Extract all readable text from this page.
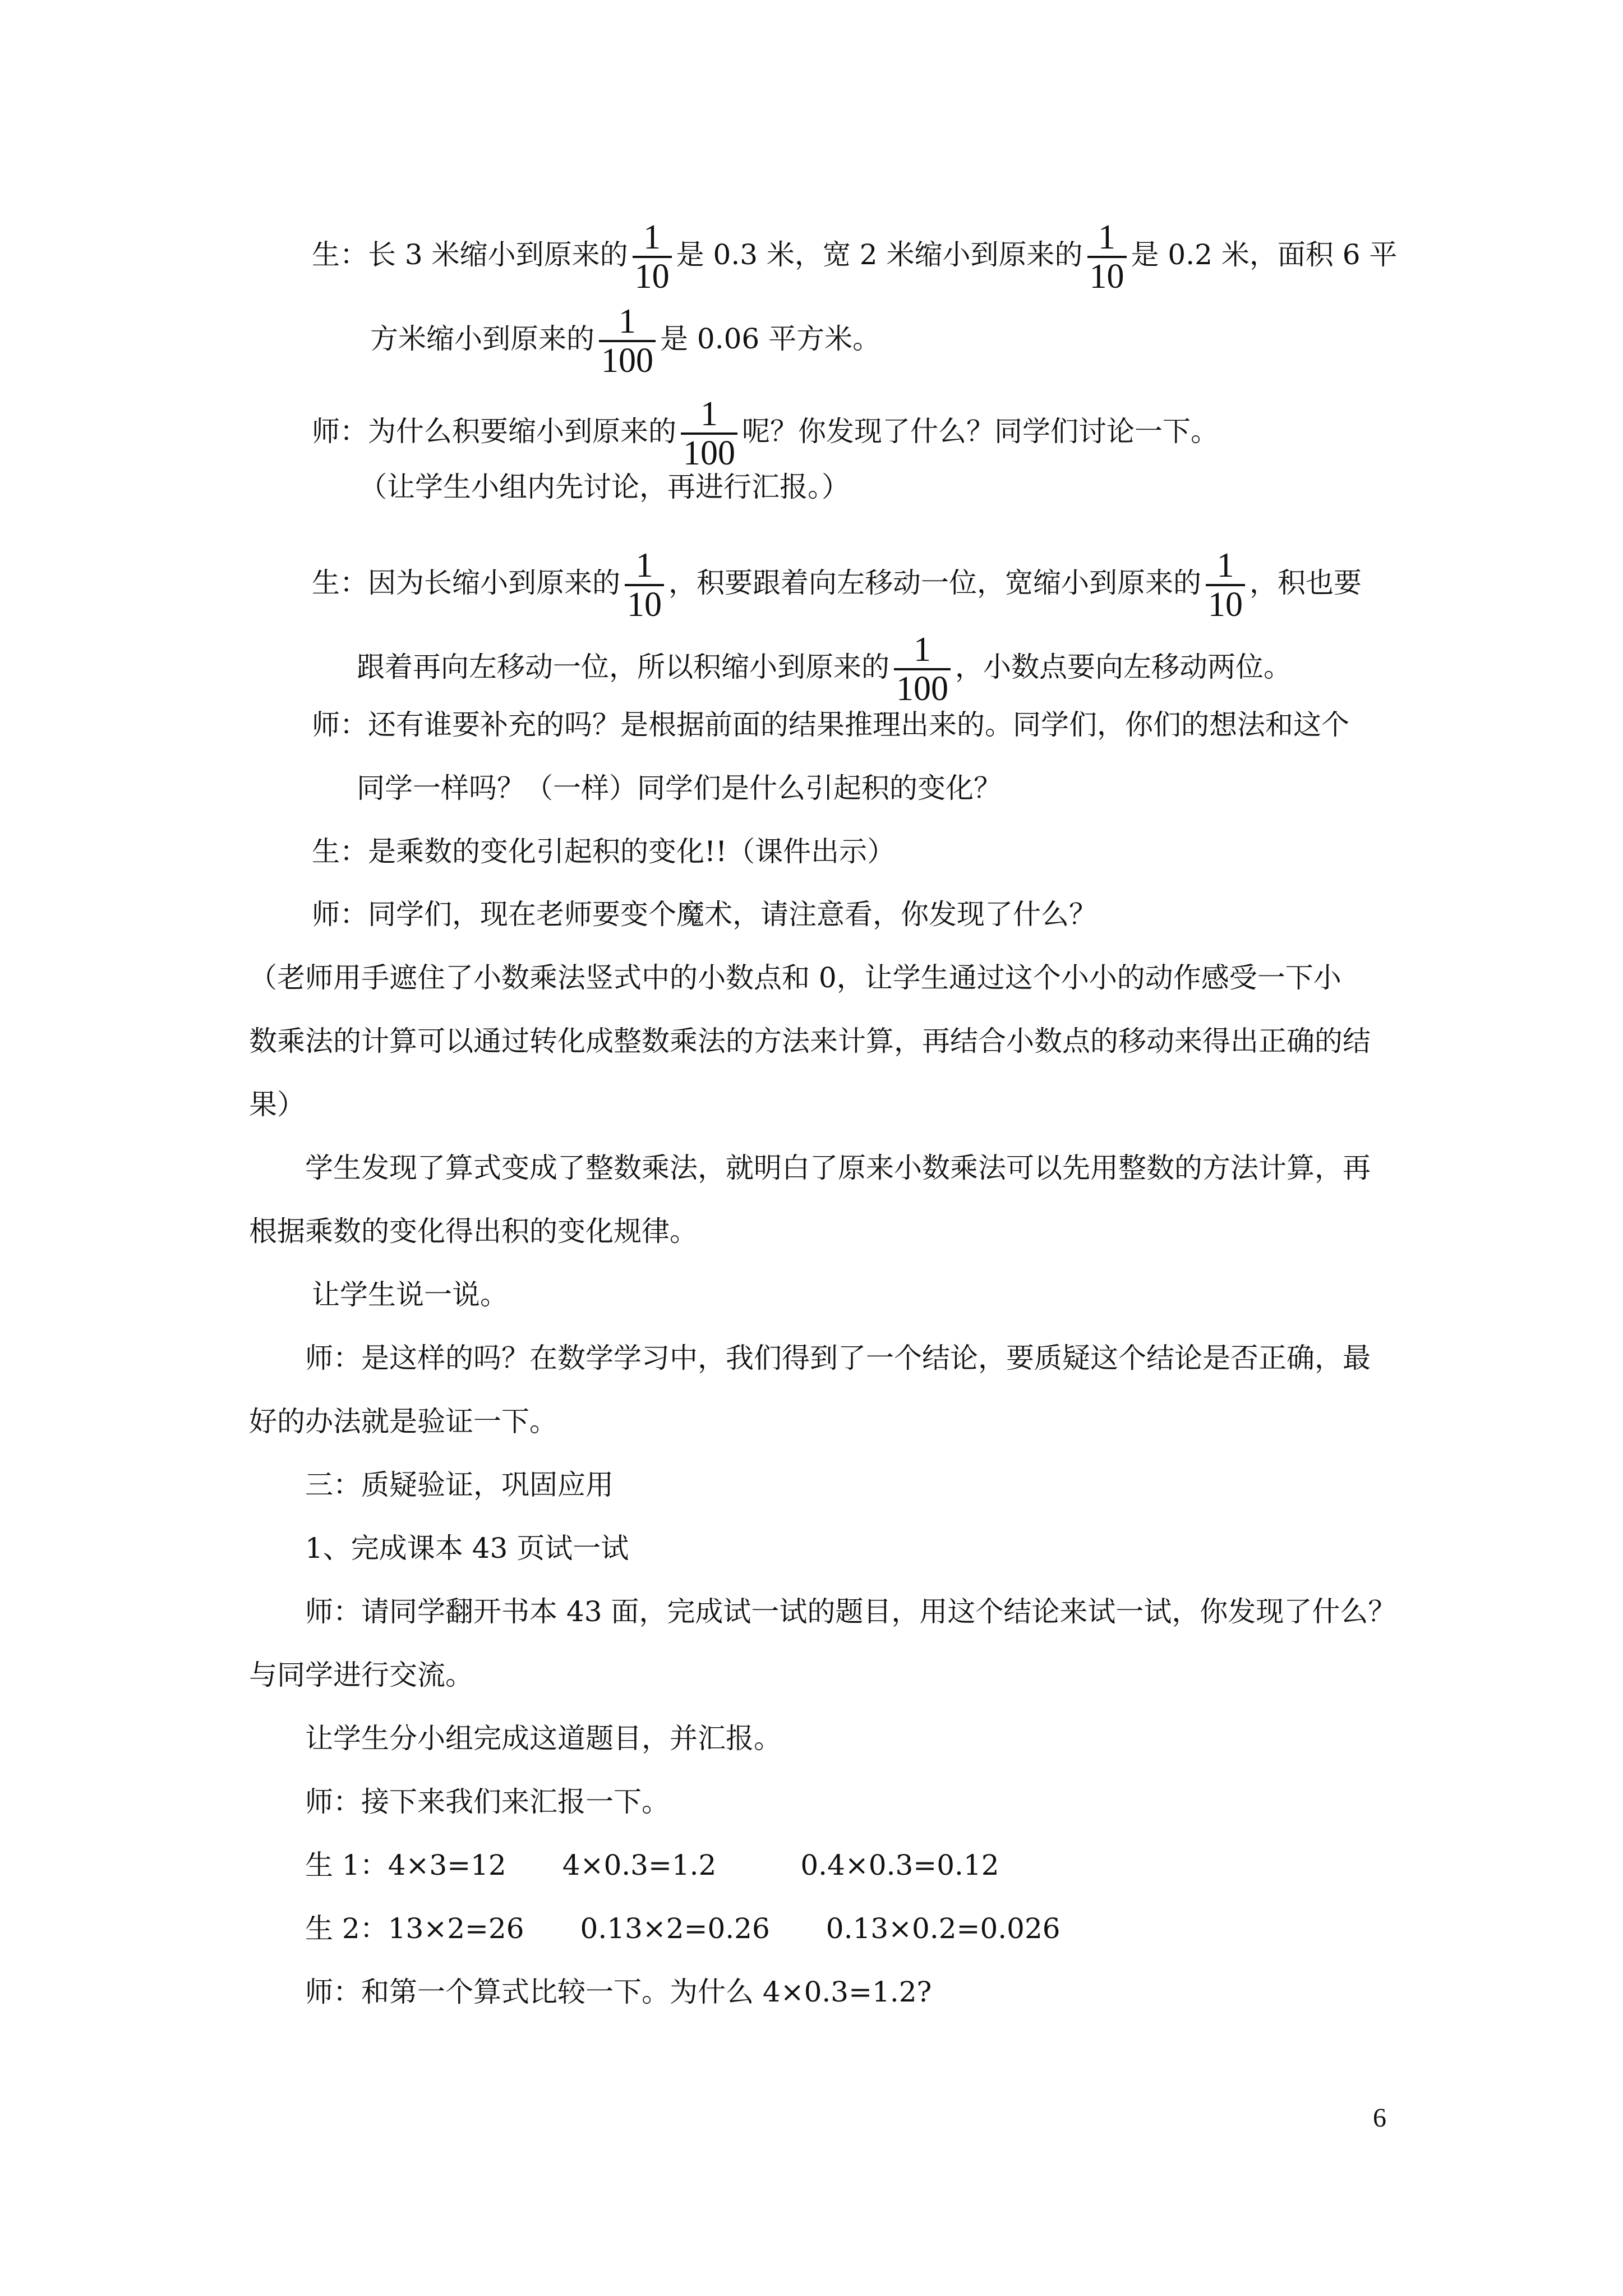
生：长 3 米缩小到原来的 $\frac{1}{10}$ 是 0.3 米，宽 2 米缩小到原来的 $\frac{1}{10}$ 是 0.2 米，面积 6 平
方米缩小到原来的 $\frac{1}{100}$ 是 0.06 平方米。
师：为什么积要缩小到原来的 $\frac{1}{100}$ 呢？你发现了什么？同学们讨论一下。
（让学生小组内先讨论，再进行汇报。）
生：因为长缩小到原来的 $\frac{1}{10}$ ，积要跟着向左移动一位，宽缩小到原来的 $\frac{1}{10}$ ，积也要
跟着再向左移动一位，所以积缩小到原来的 $\frac{1}{100}$ ，小数点要向左移动两位。
师：还有谁要补充的吗？是根据前面的结果推理出来的。同学们，你们的想法和这个
同学一样吗？（一样）同学们是什么引起积的变化？
生：是乘数的变化引起积的变化!!（课件出示）
师：同学们，现在老师要变个魔术，请注意看，你发现了什么？
（老师用手遮住了小数乘法竖式中的小数点和 0，让学生通过这个小小的动作感受一下小
数乘法的计算可以通过转化成整数乘法的方法来计算，再结合小数点的移动来得出正确的结
果）
学生发现了算式变成了整数乘法，就明白了原来小数乘法可以先用整数的方法计算，再
根据乘数的变化得出积的变化规律。
让学生说一说。
师：是这样的吗？在数学学习中，我们得到了一个结论，要质疑这个结论是否正确，最
好的办法就是验证一下。
三：质疑验证，巩固应用
1、完成课本 43 页试一试
师：请同学翻开书本 43 面，完成试一试的题目，用这个结论来试一试，你发现了什么？
与同学进行交流。
让学生分小组完成这道题目，并汇报。
师：接下来我们来汇报一下。
生 1：4×3=12　　4×0.3=1.2　　　0.4×0.3=0.12
生 2：13×2=26　　0.13×2=0.26　　0.13×0.2=0.026
师：和第一个算式比较一下。为什么 4×0.3=1.2?
6
